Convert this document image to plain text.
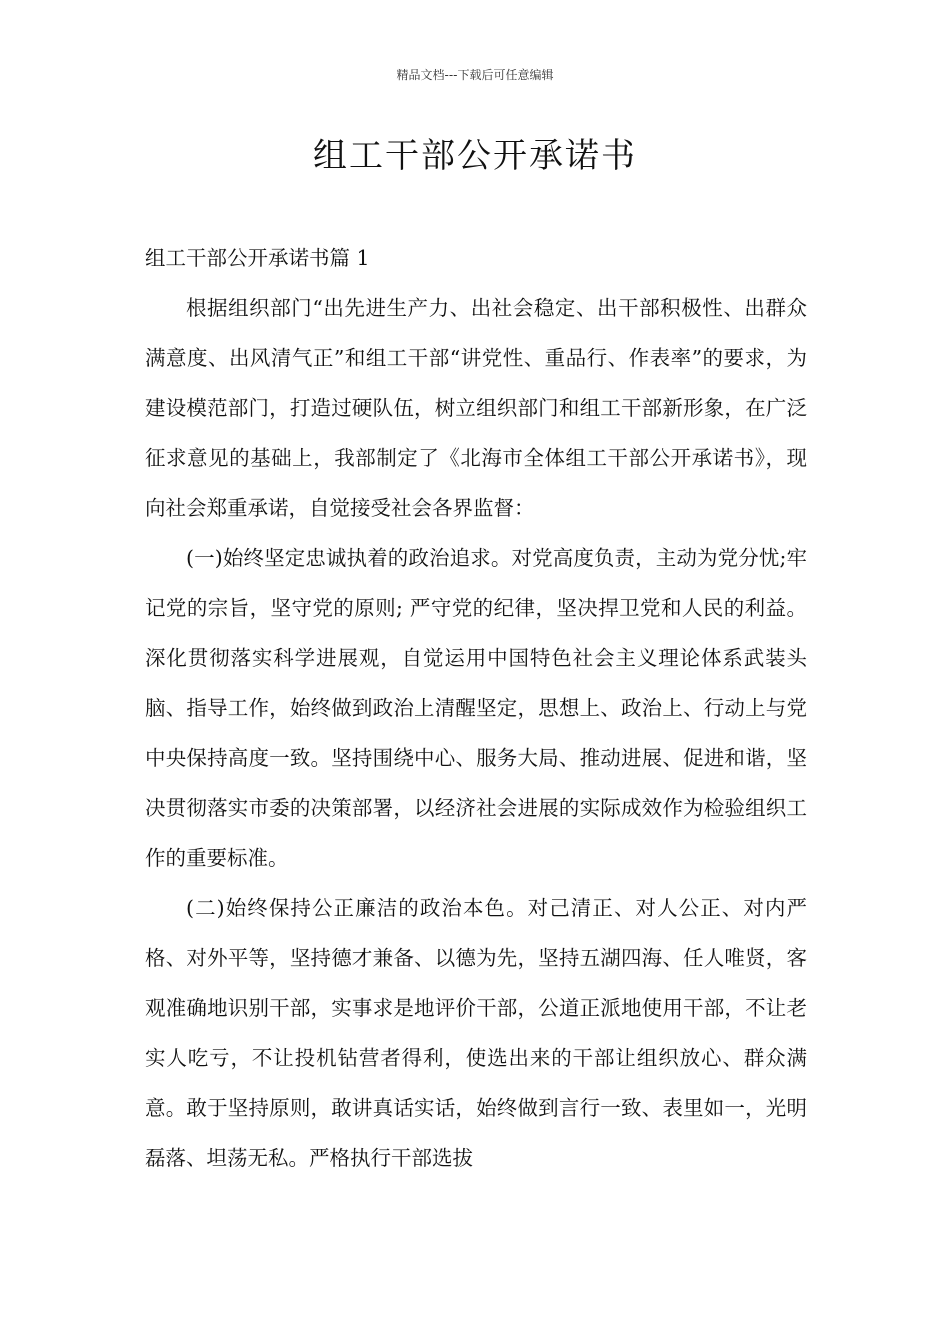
精品文档---下载后可任意编辑
组工干部公开承诺书

组工干部公开承诺书篇 1

根据组织部门“出先进生产力、出社会稳定、出干部积极性、出群众满意度、出风清气正”和组工干部“讲党性、重品行、作表率”的要求，为建设模范部门，打造过硬队伍，树立组织部门和组工干部新形象，在广泛征求意见的基础上，我部制定了《北海市全体组工干部公开承诺书》，现向社会郑重承诺，自觉接受社会各界监督：

(一)始终坚定忠诚执着的政治追求。对党高度负责，主动为党分忧;牢记党的宗旨，坚守党的原则; 严守党的纪律，坚决捍卫党和人民的利益。深化贯彻落实科学进展观，自觉运用中国特色社会主义理论体系武装头脑、指导工作，始终做到政治上清醒坚定，思想上、政治上、行动上与党中央保持高度一致。坚持围绕中心、服务大局、推动进展、促进和谐，坚决贯彻落实市委的决策部署，以经济社会进展的实际成效作为检验组织工作的重要标准。

(二)始终保持公正廉洁的政治本色。对己清正、对人公正、对内严格、对外平等，坚持德才兼备、以德为先，坚持五湖四海、任人唯贤，客观准确地识别干部，实事求是地评价干部，公道正派地使用干部，不让老实人吃亏，不让投机钻营者得利，使选出来的干部让组织放心、群众满意。敢于坚持原则，敢讲真话实话，始终做到言行一致、表里如一，光明磊落、坦荡无私。严格执行干部选拔
